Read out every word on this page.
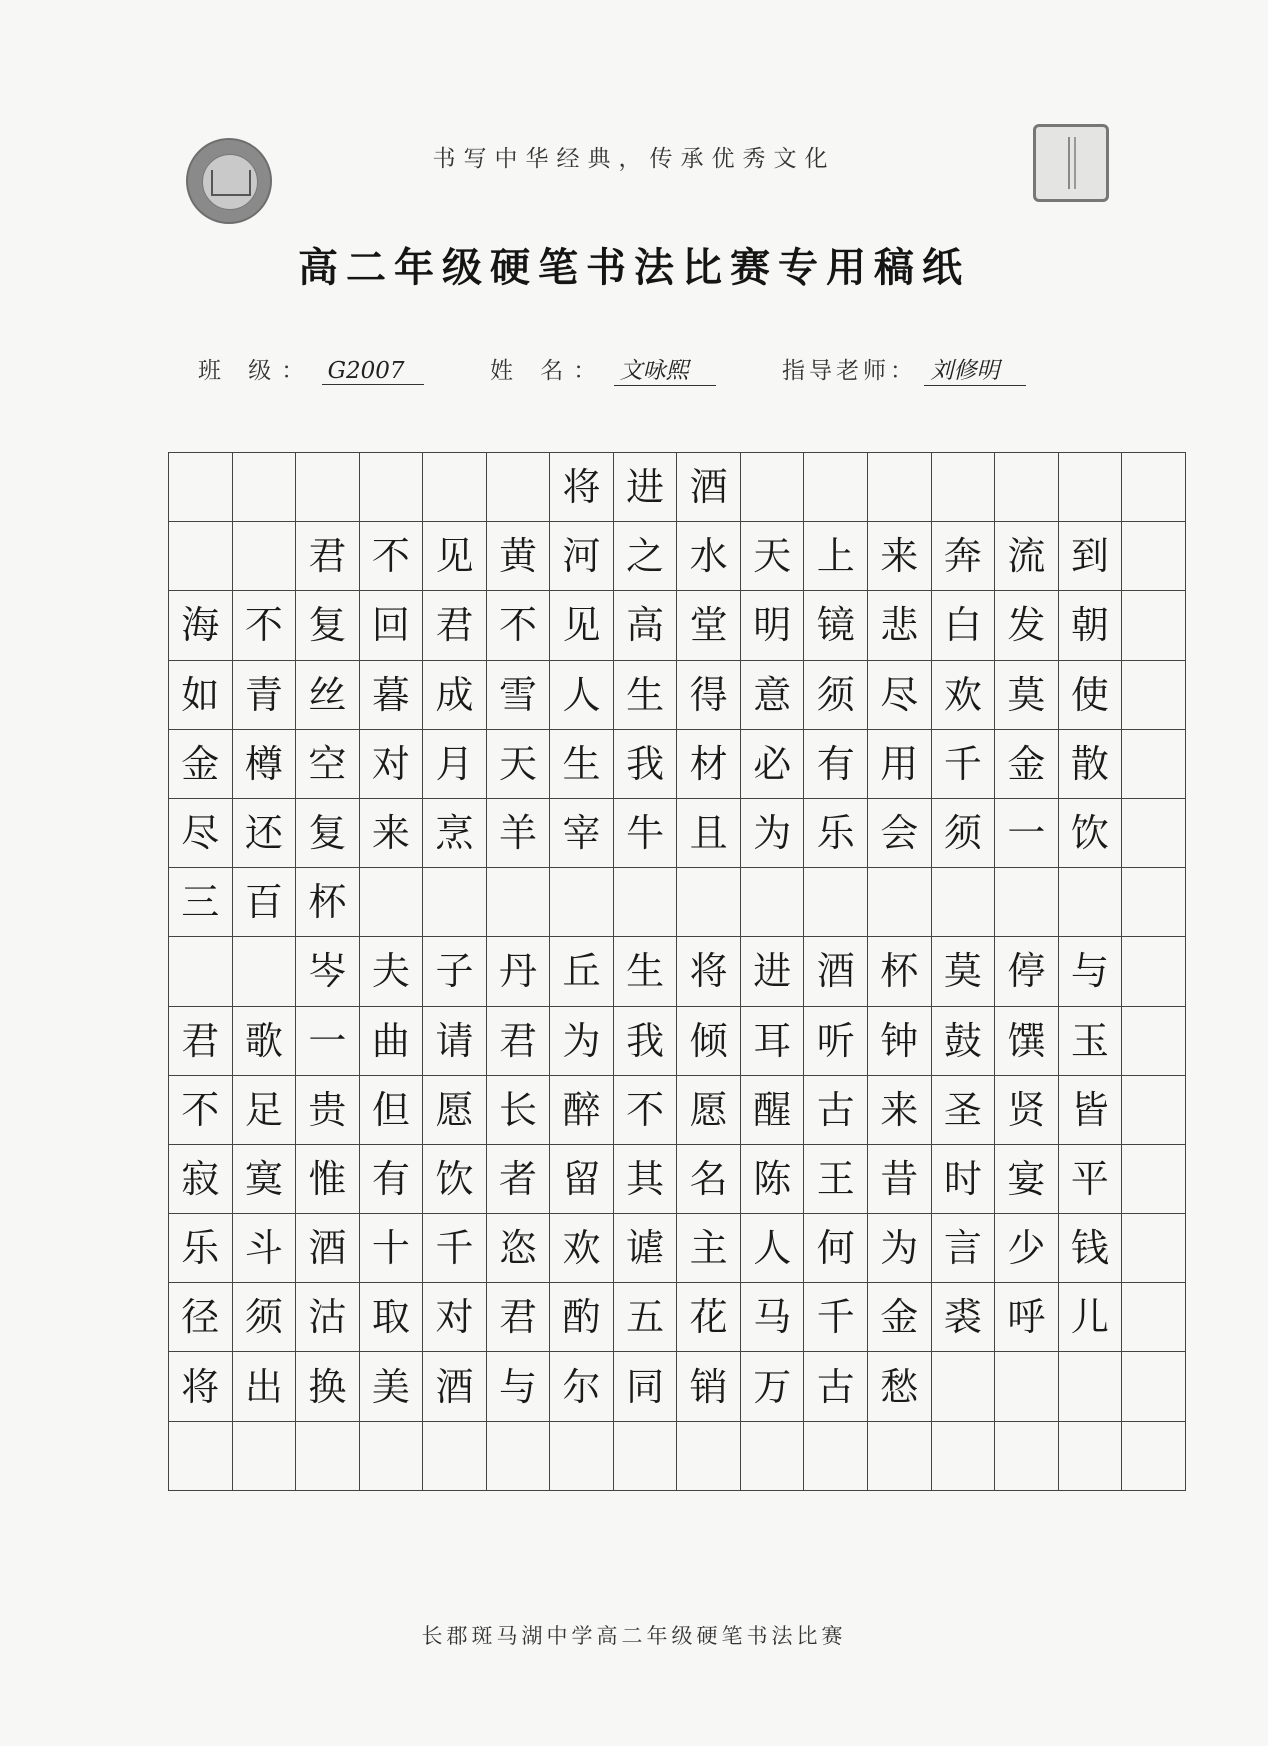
书写中华经典，传承优秀文化
高二年级硬笔书法比赛专用稿纸
班 级： G2007	姓 名： 文咏熙	指导老师： 刘修明
将 进 酒
君 不 见 黄 河 之 水 天 上 来 奔 流 到
海 不 复 回 君 不 见 高 堂 明 镜 悲 白 发 朝
如 青 丝 暮 成 雪 人 生 得 意 须 尽 欢 莫 使
金 樽 空 对 月 天 生 我 材 必 有 用 千 金 散
尽 还 复 来 烹 羊 宰 牛 且 为 乐 会 须 一 饮
三 百 杯
岑 夫 子 丹 丘 生 将 进 酒 杯 莫 停 与
君 歌 一 曲 请 君 为 我 倾 耳 听 钟 鼓 馔 玉
不 足 贵 但 愿 长 醉 不 愿 醒 古 来 圣 贤 皆
寂 寞 惟 有 饮 者 留 其 名 陈 王 昔 时 宴 平
乐 斗 酒 十 千 恣 欢 谑 主 人 何 为 言 少 钱
径 须 沽 取 对 君 酌 五 花 马 千 金 裘 呼 儿
将 出 换 美 酒 与 尔 同 销 万 古 愁
长郡斑马湖中学高二年级硬笔书法比赛
